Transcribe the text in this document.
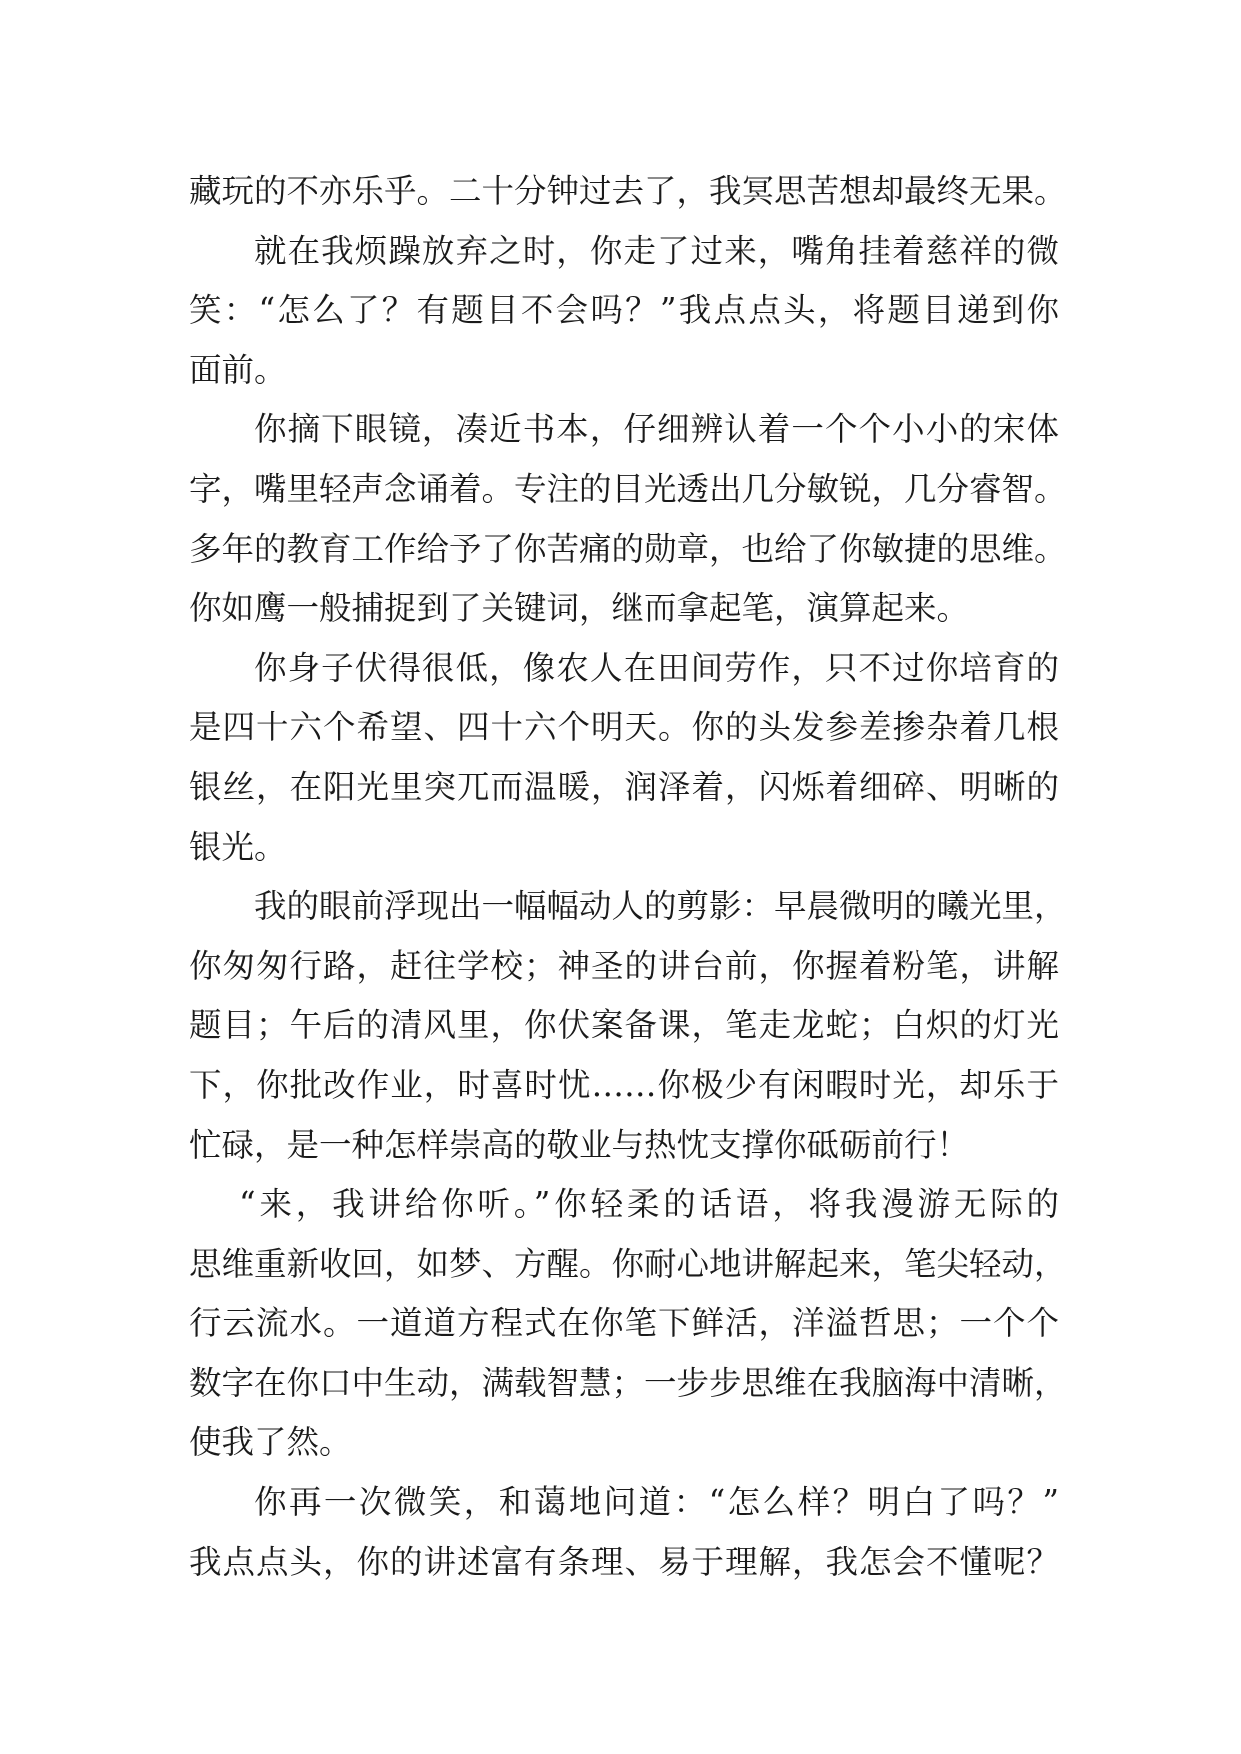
藏玩的不亦乐乎。二十分钟过去了，我冥思苦想却最终无果。
就在我烦躁放弃之时，你走了过来，嘴角挂着慈祥的微
笑：“怎么了？有题目不会吗？”我点点头，将题目递到你
面前。
你摘下眼镜，凑近书本，仔细辨认着一个个小小的宋体
字，嘴里轻声念诵着。专注的目光透出几分敏锐，几分睿智。
多年的教育工作给予了你苦痛的勋章，也给了你敏捷的思维。
你如鹰一般捕捉到了关键词，继而拿起笔，演算起来。
你身子伏得很低，像农人在田间劳作，只不过你培育的
是四十六个希望、四十六个明天。你的头发参差掺杂着几根
银丝，在阳光里突兀而温暖，润泽着，闪烁着细碎、明晰的
银光。
我的眼前浮现出一幅幅动人的剪影：早晨微明的曦光里，
你匆匆行路，赶往学校；神圣的讲台前，你握着粉笔，讲解
题目；午后的清风里，你伏案备课，笔走龙蛇；白炽的灯光
下，你批改作业，时喜时忧……你极少有闲暇时光，却乐于
忙碌，是一种怎样崇高的敬业与热忱支撑你砥砺前行！
“来，我讲给你听。”你轻柔的话语，将我漫游无际的
思维重新收回，如梦、方醒。你耐心地讲解起来，笔尖轻动，
行云流水。一道道方程式在你笔下鲜活，洋溢哲思；一个个
数字在你口中生动，满载智慧；一步步思维在我脑海中清晰，
使我了然。
你再一次微笑，和蔼地问道：“怎么样？明白了吗？”
我点点头，你的讲述富有条理、易于理解，我怎会不懂呢？
